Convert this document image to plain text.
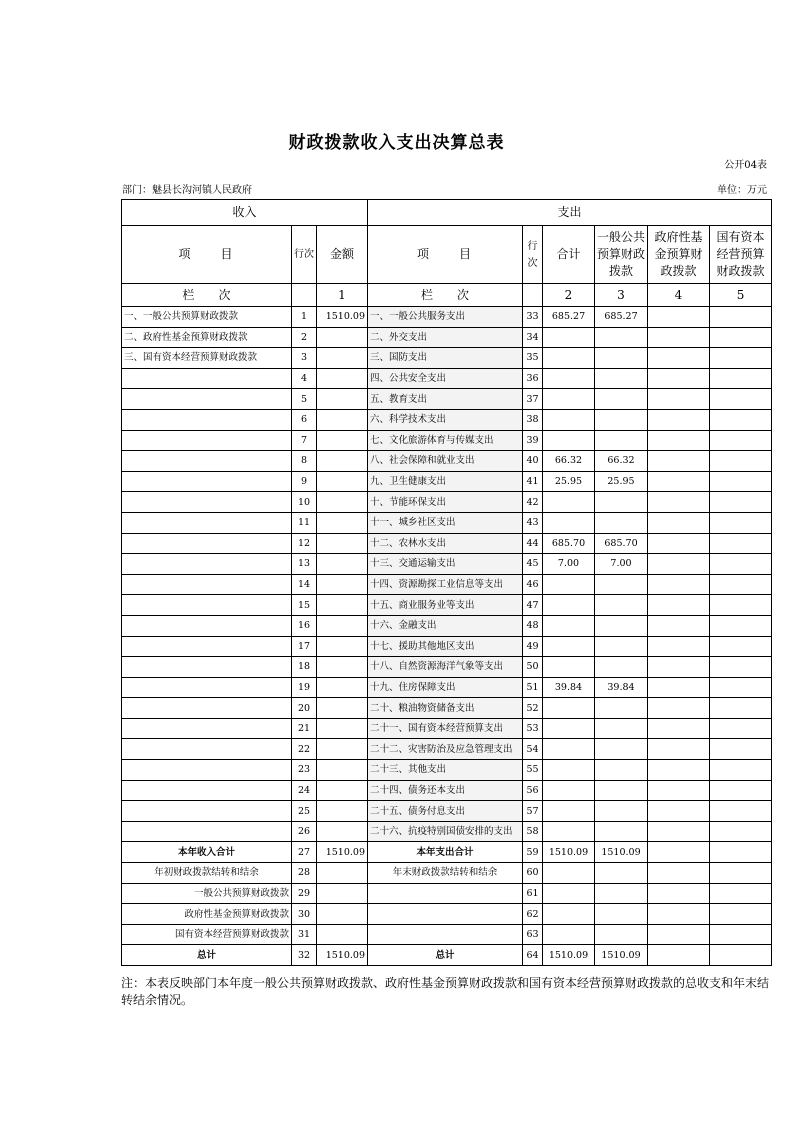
财政拨款收入支出决算总表
公开04表
部门：魅县长沟河镇人民政府	单位：万元
收入			支出					
项　　目	行次	金额	项　　目	行次	合计	一般公共预算财政拨款	政府性基金预算财政拨款	国有资本经营预算财政拨款
栏　　次		1	栏　　次		2	3	4	5
一、一般公共预算财政拨款	1	1510.09	一、一般公共服务支出	33	685.27	685.27		
二、政府性基金预算财政拨款	2		二、外交支出	34				
三、国有资本经营预算财政拨款	3		三、国防支出	35				
	4		四、公共安全支出	36				
	5		五、教育支出	37				
	6		六、科学技术支出	38				
	7		七、文化旅游体育与传媒支出	39				
	8		八、社会保障和就业支出	40	66.32	66.32		
	9		九、卫生健康支出	41	25.95	25.95		
	10		十、节能环保支出	42				
	11		十一、城乡社区支出	43				
	12		十二、农林水支出	44	685.70	685.70		
	13		十三、交通运输支出	45	7.00	7.00		
	14		十四、资源勘探工业信息等支出	46				
	15		十五、商业服务业等支出	47				
	16		十六、金融支出	48				
	17		十七、援助其他地区支出	49				
	18		十八、自然资源海洋气象等支出	50				
	19		十九、住房保障支出	51	39.84	39.84		
	20		二十、粮油物资储备支出	52				
	21		二十一、国有资本经营预算支出	53				
	22		二十二、灾害防治及应急管理支出	54				
	23		二十三、其他支出	55				
	24		二十四、债务还本支出	56				
	25		二十五、债务付息支出	57				
	26		二十六、抗疫特别国债安排的支出	58				
本年收入合计	27	1510.09	本年支出合计	59	1510.09	1510.09		
年初财政拨款结转和结余	28		年末财政拨款结转和结余	60				
一般公共预算财政拨款	29			61				
政府性基金预算财政拨款	30			62				
国有资本经营预算财政拨款	31			63				
总计	32	1510.09	总计	64	1510.09	1510.09		
注：本表反映部门本年度一般公共预算财政拨款、政府性基金预算财政拨款和国有资本经营预算财政拨款的总收支和年末结转结余情况。
